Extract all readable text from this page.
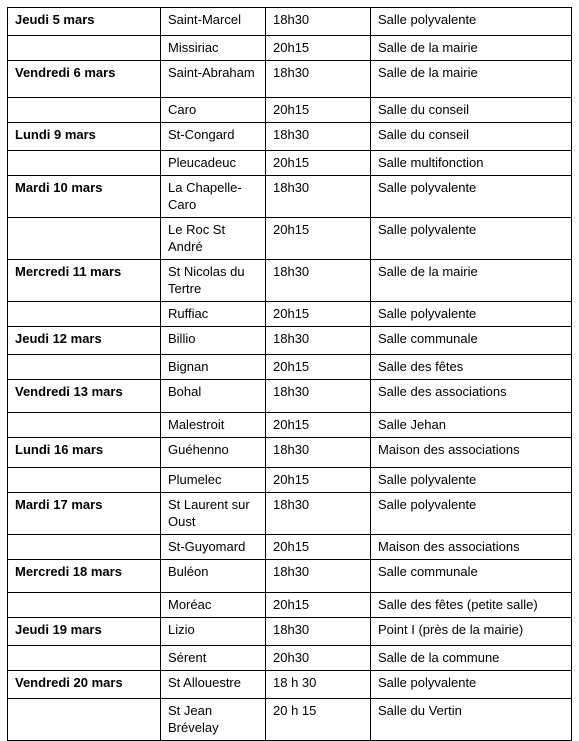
Jeudi 5 mars	Saint-Marcel	18h30	Salle polyvalente
	Missiriac	20h15	Salle de la mairie
Vendredi 6 mars	Saint-Abraham	18h30	Salle de la mairie
	Caro	20h15	Salle du conseil
Lundi 9 mars	St-Congard	18h30	Salle du conseil
	Pleucadeuc	20h15	Salle multifonction
Mardi 10 mars	La Chapelle-Caro	18h30	Salle polyvalente
	Le Roc St André	20h15	Salle polyvalente
Mercredi 11 mars	St Nicolas du Tertre	18h30	Salle de la mairie
	Ruffiac	20h15	Salle polyvalente
Jeudi 12 mars	Billio	18h30	Salle communale
	Bignan	20h15	Salle des fêtes
Vendredi 13 mars	Bohal	18h30	Salle des associations
	Malestroit	20h15	Salle Jehan
Lundi 16 mars	Guéhenno	18h30	Maison des associations
	Plumelec	20h15	Salle polyvalente
Mardi 17 mars	St Laurent sur Oust	18h30	Salle polyvalente
	St-Guyomard	20h15	Maison des associations
Mercredi 18 mars	Buléon	18h30	Salle communale
	Moréac	20h15	Salle des fêtes (petite salle)
Jeudi 19 mars	Lizio	18h30	Point I (près de la mairie)
	Sérent	20h30	Salle de la commune
Vendredi 20 mars	St Allouestre	18 h 30	Salle polyvalente
	St Jean Brévelay	20 h 15	Salle du Vertin
